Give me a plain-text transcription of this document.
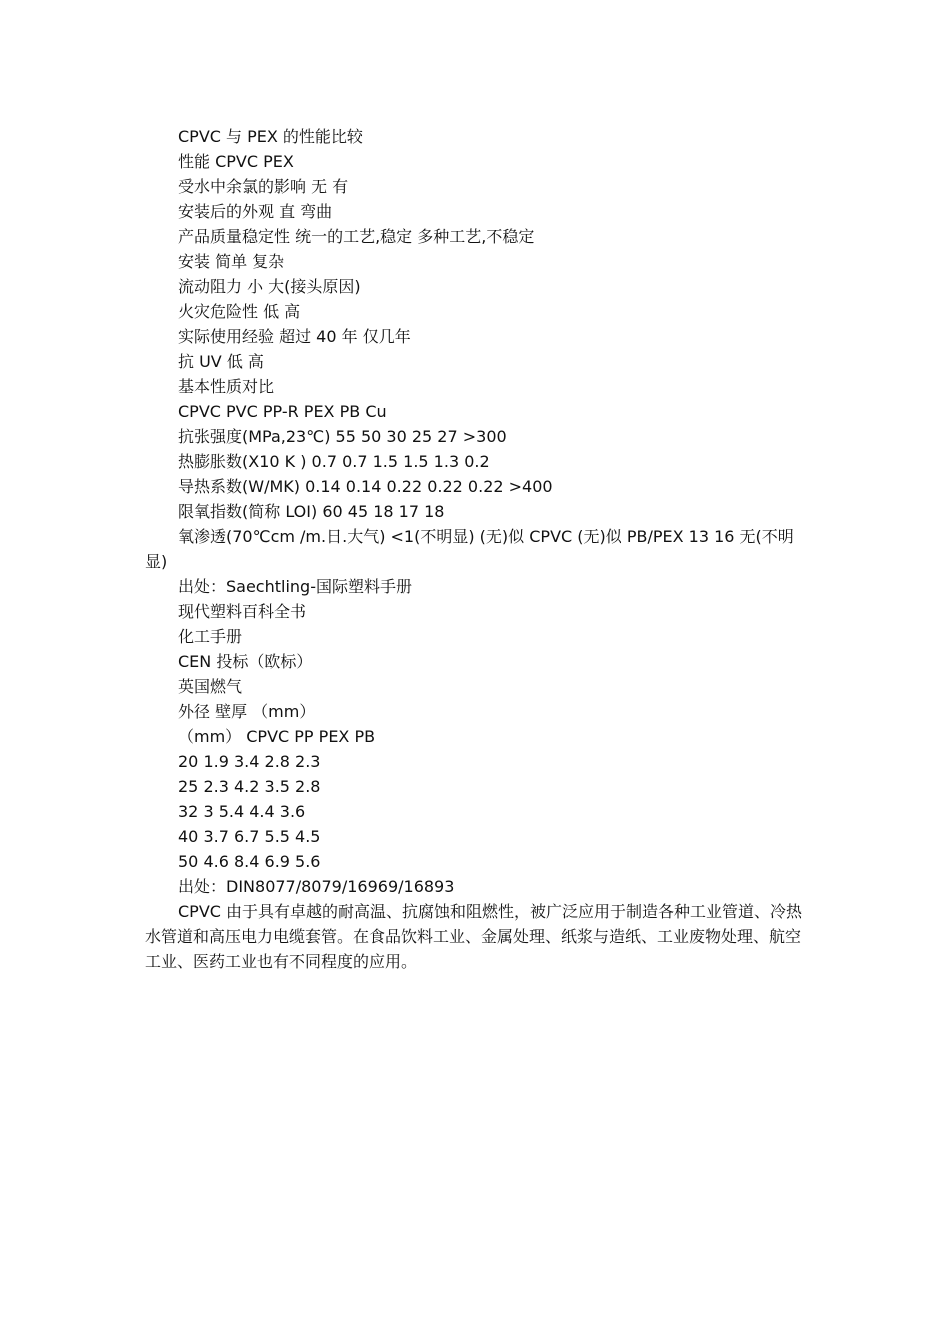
CPVC 与 PEX 的性能比较

性能 CPVC PEX

受水中余氯的影响 无 有

安装后的外观 直 弯曲

产品质量稳定性 统一的工艺,稳定 多种工艺,不稳定

安装 简单 复杂

流动阻力 小 大(接头原因)

火灾危险性 低 高

实际使用经验 超过 40 年 仅几年

抗 UV 低 高

基本性质对比

CPVC PVC PP-R PEX PB Cu

抗张强度(MPa,23℃) 55 50 30 25 27 >300

热膨胀数(X10 K ) 0.7 0.7 1.5 1.5 1.3 0.2

导热系数(W/MK) 0.14 0.14 0.22 0.22 0.22 >400

限氧指数(简称 LOI) 60 45 18 17 18

氧渗透(70℃cm /m.日.大气) <1(不明显) (无)似 CPVC (无)似 PB/PEX 13 16 无(不明显)

出处：Saechtling-国际塑料手册

现代塑料百科全书

化工手册

CEN 投标（欧标）

英国燃气

外径 壁厚 （mm）

（mm） CPVC PP PEX PB

20 1.9 3.4 2.8 2.3

25 2.3 4.2 3.5 2.8

32 3 5.4 4.4 3.6

40 3.7 6.7 5.5 4.5

50 4.6 8.4 6.9 5.6

出处：DIN8077/8079/16969/16893

CPVC 由于具有卓越的耐高温、抗腐蚀和阻燃性，被广泛应用于制造各种工业管道、冷热水管道和高压电力电缆套管。在食品饮料工业、金属处理、纸浆与造纸、工业废物处理、航空工业、医药工业也有不同程度的应用。
